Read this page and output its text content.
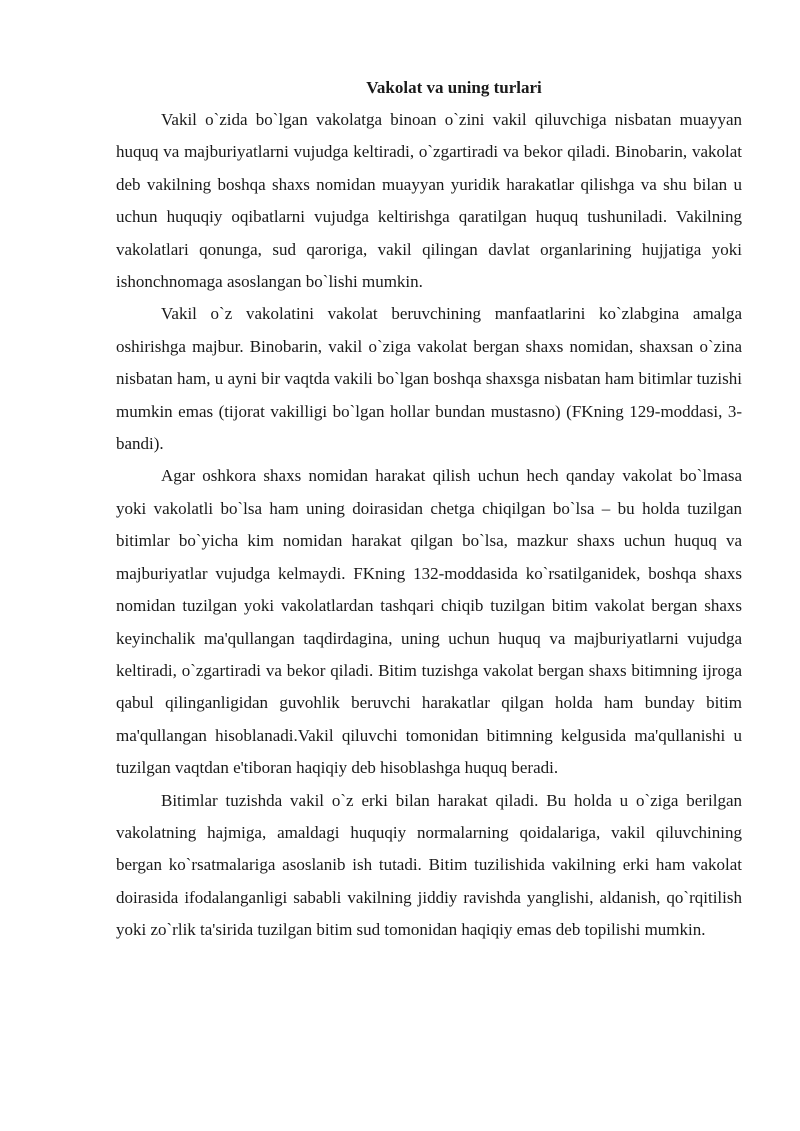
Vakolat va uning turlari

Vakil o`zida bo`lgan vakolatga binoan o`zini vakil qiluvchiga nisbatan muayyan huquq va majburiyatlarni vujudga keltiradi, o`zgartiradi va bekor qiladi. Binobarin, vakolat deb vakilning boshqa shaxs nomidan muayyan yuridik harakatlar qilishga va shu bilan u uchun huquqiy oqibatlarni vujudga keltirishga qaratilgan huquq tushuniladi. Vakilning vakolatlari qonunga, sud qaroriga, vakil qilingan davlat organlarining hujjatiga yoki ishonchnomaga asoslangan bo`lishi mumkin.

Vakil o`z vakolatini vakolat beruvchining manfaatlarini ko`zlabgina amalga oshirishga majbur. Binobarin, vakil o`ziga vakolat bergan shaxs nomidan, shaxsan o`zina nisbatan ham, u ayni bir vaqtda vakili bo`lgan boshqa shaxsga nisbatan ham bitimlar tuzishi mumkin emas (tijorat vakilligi bo`lgan hollar bundan mustasno) (FKning 129-moddasi, 3-bandi).

Agar oshkora shaxs nomidan harakat qilish uchun hech qanday vakolat bo`lmasa yoki vakolatli bo`lsa ham uning doirasidan chetga chiqilgan bo`lsa – bu holda tuzilgan bitimlar bo`yicha kim nomidan harakat qilgan bo`lsa, mazkur shaxs uchun huquq va majburiyatlar vujudga kelmaydi. FKning 132-moddasida ko`rsatilganidek, boshqa shaxs nomidan tuzilgan yoki vakolatlardan tashqari chiqib tuzilgan bitim vakolat bergan shaxs keyinchalik ma'qullangan taqdirdagina, uning uchun huquq va majburiyatlarni vujudga keltiradi, o`zgartiradi va bekor qiladi. Bitim tuzishga vakolat bergan shaxs bitimning ijroga qabul qilinganligidan guvohlik beruvchi harakatlar qilgan holda ham bunday bitim ma'qullangan hisoblanadi.Vakil qiluvchi tomonidan bitimning kelgusida ma'qullanishi u tuzilgan vaqtdan e'tiboran haqiqiy deb hisoblashga huquq beradi.

Bitimlar tuzishda vakil o`z erki bilan harakat qiladi. Bu holda u o`ziga berilgan vakolatning hajmiga, amaldagi huquqiy normalarning qoidalariga, vakil qiluvchining bergan ko`rsatmalariga asoslanib ish tutadi. Bitim tuzilishida vakilning erki ham vakolat doirasida ifodalanganligi sababli vakilning jiddiy ravishda yanglishi, aldanish, qo`rqitilish yoki zo`rlik ta'sirida tuzilgan bitim sud tomonidan haqiqiy emas deb topilishi mumkin.
